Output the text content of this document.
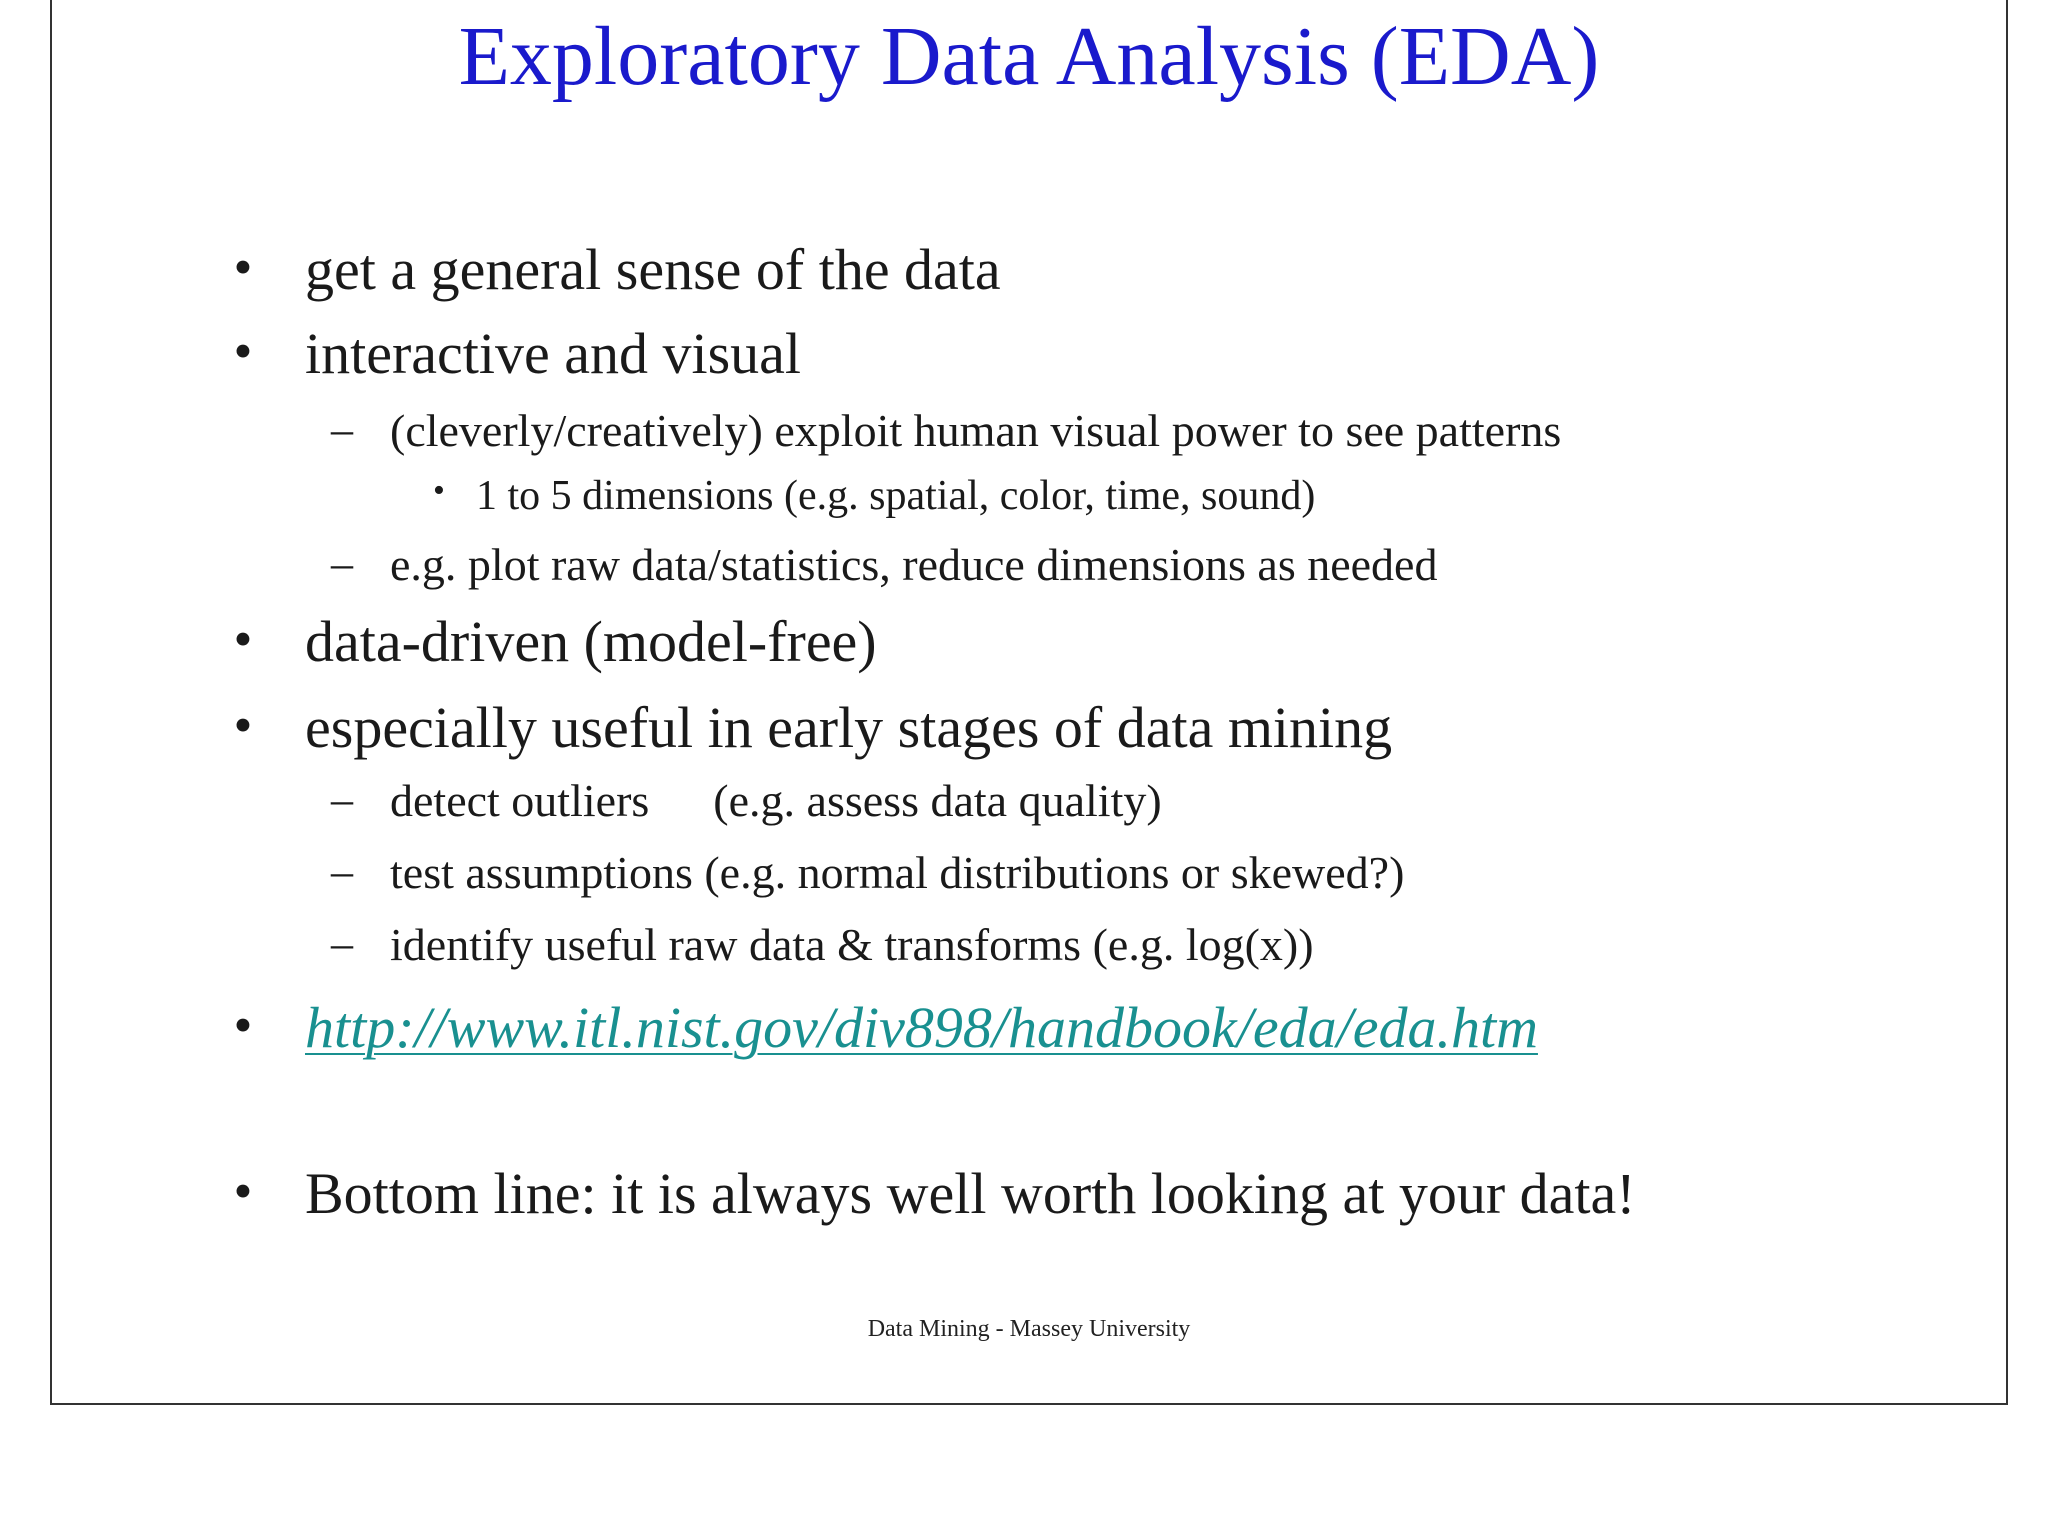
Exploratory Data Analysis (EDA)
• get a general sense of the data
• interactive and visual
– (cleverly/creatively) exploit human visual power to see patterns
• 1 to 5 dimensions (e.g. spatial, color, time, sound)
– e.g. plot raw data/statistics, reduce dimensions as needed
• data-driven (model-free)
• especially useful in early stages of data mining
– detect outliers (e.g. assess data quality)
– test assumptions (e.g. normal distributions or skewed?)
– identify useful raw data & transforms (e.g. log(x))
• http://www.itl.nist.gov/div898/handbook/eda/eda.htm
• Bottom line: it is always well worth looking at your data!
Data Mining - Massey University
